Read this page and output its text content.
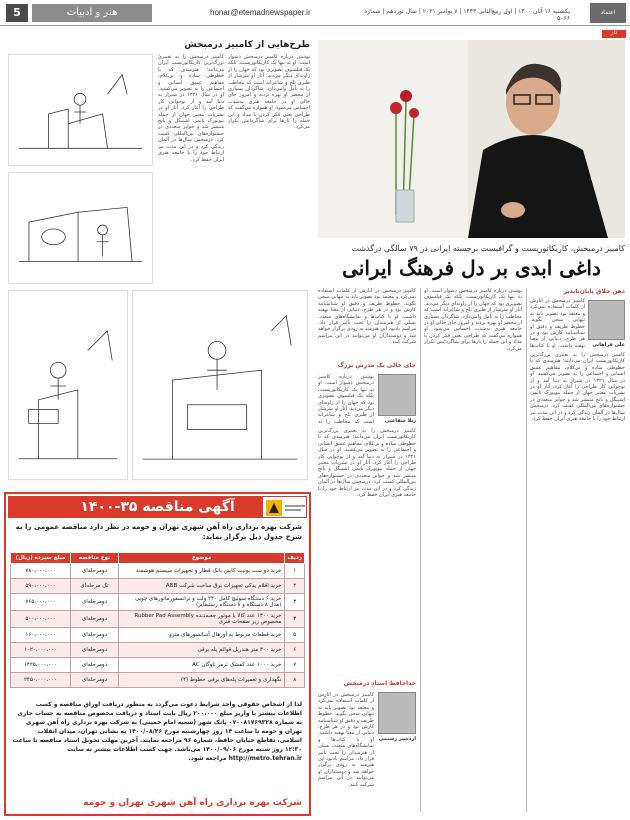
5	هنر و ادبیات	honar@etemadnewspaper.ir	یکشنبه ۱۶ آبان ۱۴۰۰ | اول ربیع‌الثانی ۱۴۴۳ | ۷ نوامبر ۲۰۲۱ | سال نوزدهم | شماره ۵۰۶۶
اعتماد
تار
طرح‌هایی از کامبیز درمبخش
کامبیز درمبخش را به تعبیری بزرگ‌ترین کاریکاتوریست ایران می‌دانند؛ هنرمندی که با خطوطی ساده و بی‌کلام، مفاهیم عمیق انسانی و اجتماعی را به تصویر می‌کشید. او در سال ۱۳۲۱ در شیراز به دنیا آمد و از نوجوانی کار طراحی را آغاز کرد. آثار او در نشریات معتبر جهان از جمله نیویورک تایمز، اشپیگل و پانچ منتشر شد و جوایز متعددی در جشنواره‌های بین‌المللی کسب کرد. درمبخش سال‌ها در آلمان زندگی کرد و در این مدت نیز ارتباط خود را با جامعه هنری ایران حفظ کرد.
نوشتن درباره کامبیز درمبخش دشوار است. او نه تنها یک کاریکاتوریست، بلکه یک فیلسوف تصویری بود که جهان را از زاویه‌ای دیگر می‌دید. آثار او سرشار از طنزی تلخ و شاعرانه است که مخاطب را به تأمل وامی‌دارد. شاگردان بسیاری از محضر او بهره بردند و امروز جای خالی او در جامعه هنری به‌شدت احساس می‌شود. او همواره می‌گفت که طراحی یعنی فکر کردن با مداد و این جمله را بارها برای شاگردانش تکرار می‌کرد.
کامبیز درمبخش، کاریکاتوریست و گرافیست برجسته ایرانی در ۷۹ سالگی درگذشت
داغی ابدی بر دل فرهنگ ایرانی
ذهن خلاق پایان‌ناپذیر
علی فراهانی
کامبیز درمبخش در آثارش از کلمات استفاده نمی‌کرد و معتقد بود تصویر باید به تنهایی سخن بگوید. خطوط ظریف و دقیق او شناسنامه کارش بود و در هر طرح، دنیایی از معنا نهفته داشت. او با کتاب‌ها
کامبیز درمبخش را به تعبیری بزرگ‌ترین کاریکاتوریست ایران می‌دانند؛ هنرمندی که با خطوطی ساده و بی‌کلام، مفاهیم عمیق انسانی و اجتماعی را به تصویر می‌کشید. او در سال ۱۳۲۱ در شیراز به دنیا آمد و از نوجوانی کار طراحی را آغاز کرد. آثار او در نشریات معتبر جهان از جمله نیویورک تایمز، اشپیگل و پانچ منتشر شد و جوایز متعددی در جشنواره‌های بین‌المللی کسب کرد. درمبخش سال‌ها در آلمان زندگی کرد و در این مدت نیز ارتباط خود را با جامعه هنری ایران حفظ کرد.
نوشتن درباره کامبیز درمبخش دشوار است. او نه تنها یک کاریکاتوریست، بلکه یک فیلسوف تصویری بود که جهان را از زاویه‌ای دیگر می‌دید. آثار او سرشار از طنزی تلخ و شاعرانه است که مخاطب را به تأمل وامی‌دارد. شاگردان بسیاری از محضر او بهره بردند و امروز جای خالی او در جامعه هنری به‌شدت احساس می‌شود. او همواره می‌گفت که طراحی یعنی فکر کردن با مداد و این جمله را بارها برای شاگردانش تکرار می‌کرد.
کامبیز درمبخش در آثارش از کلمات استفاده نمی‌کرد و معتقد بود تصویر باید به تنهایی سخن بگوید. خطوط ظریف و دقیق او شناسنامه کارش بود و در هر طرح، دنیایی از معنا نهفته داشت. او با کتاب‌ها و نمایشگاه‌های متعدد، نسلی از هنرمندان را تحت تأثیر قرار داد. مراسم یادبود این هنرمند به زودی برگزار خواهد شد و دوستداران او می‌توانند در این مراسم شرکت کنند.
جای خالی یک مدرس بزرگ
ژیلا شفاعتی
نوشتن درباره کامبیز درمبخش دشوار است. او نه تنها یک کاریکاتوریست، بلکه یک فیلسوف تصویری بود که جهان را از زاویه‌ای دیگر می‌دید. آثار او سرشار از طنزی تلخ و شاعرانه است که مخاطب را به
کامبیز درمبخش را به تعبیری بزرگ‌ترین کاریکاتوریست ایران می‌دانند؛ هنرمندی که با خطوطی ساده و بی‌کلام، مفاهیم عمیق انسانی و اجتماعی را به تصویر می‌کشید. او در سال ۱۳۲۱ در شیراز به دنیا آمد و از نوجوانی کار طراحی را آغاز کرد. آثار او در نشریات معتبر جهان از جمله نیویورک تایمز، اشپیگل و پانچ منتشر شد و جوایز متعددی در جشنواره‌های بین‌المللی کسب کرد. درمبخش سال‌ها در آلمان زندگی کرد و در این مدت نیز ارتباط خود را با جامعه هنری ایران حفظ کرد.
خداحافظ استاد درمبخش
اردشیر رستمی
کامبیز درمبخش در آثارش از کلمات استفاده نمی‌کرد و معتقد بود تصویر باید به تنهایی سخن بگوید. خطوط ظریف و دقیق او شناسنامه کارش بود و در هر طرح، دنیایی از معنا نهفته داشت. او با کتاب‌ها و نمایشگاه‌های متعدد، نسلی از هنرمندان را تحت تأثیر قرار داد. مراسم یادبود این هنرمند به زودی برگزار خواهد شد و دوستداران او می‌توانند در این مراسم شرکت کنند.
آگهی مناقصه ۳۵-۱۴۰۰
شرکت بهره برداری راه آهن شهری تهران و حومه در نظر دارد مناقصه عمومی را به شرح جدول ذیل برگزار نماید:
ردیف	موضوع	نوع مناقصه	مبلغ سپرده (ریال)
۱	خرید دو ست یونیت کابین بانک قطار و تجهیزات سیستم هوشمند	دومرحله‌ای	۷۸۰،۰۰۰،۰۰۰
۲	خرید اقلام یدکی تجهیزات برق ساخت شرکت ABB	تک مرحله‌ای	۵۹۰،۰۰۰،۰۰۰
۳	خرید ۶ دستگاه سوئیچ کامل ۲۴۰ ولت و ترانسفورماتورهای چوبی (مدل ۸ دستگاه و ۸ دستگاه رستیفایر)	دومرحله‌ای	۷۶۵،۰۰۰،۰۰۰
۴	خرید ۱۳۰۰ عدد کالا با موتور جعبه‌دنده Rubber Pad Assembly مخصوص زیر صفحات فنری	دومرحله‌ای	۵۰۰،۰۰۰،۰۰۰
۵	خرید قطعات مربوط به آورهال آسانسورهای مترو	دومرحله‌ای	۱۶۰،۰۰۰،۰۰۰
۶	خرید ۳۰۰ متر هندریل قوائم پله برقی	دومرحله‌ای	۱۰۲۰،۰۰۰،۰۰۰
۷	خرید ۱۰۰۰ عدد کفشک ترمز ناوگان AC	دومرحله‌ای	۱۴۲۵،۰۰۰،۰۰۰
۸	نگهداری و تعمیرات پله‌های برقی خطوط (۴)	دومرحله‌ای	۲۴۵۰،۰۰۰،۰۰۰
لذا از اشخاص حقوقی واجد شرایط دعوت می‌گردد به منظور دریافت اوراق مناقصه و کسب اطلاعات بیشتر با واریز مبلغ ۲۰۰،۰۰۰ ریال بابت اسناد و دریافت مخصوص مناقصه به حساب جاری به شماره ۰۷۰۰۸۱۷۶۹۳۲۸ بانک شهر (شعبه امام خمینی) به شرکت بهره برداری راه آهن شهری تهران و حومه تا ساعت ۱۴ روز چهارشنبه مورخ ۱۴۰۰/۰۸/۲۶ به نشانی تهران، میدان انقلاب اسلامی، تقاطع خیابان حافظ، شماره ۹۶ مراجعه نمایند. آخرین مهلت تحویل اسناد مناقصه تا ساعت ۱۲:۳۰ روز شنبه مورخ ۱۴۰۰/۰۹/۰۶ می‌باشد. جهت کسب اطلاعات بیشتر به سایت http://metro.tehran.ir مراجعه شود.
شرکت بهره برداری راه آهن شهری تهران و حومه
